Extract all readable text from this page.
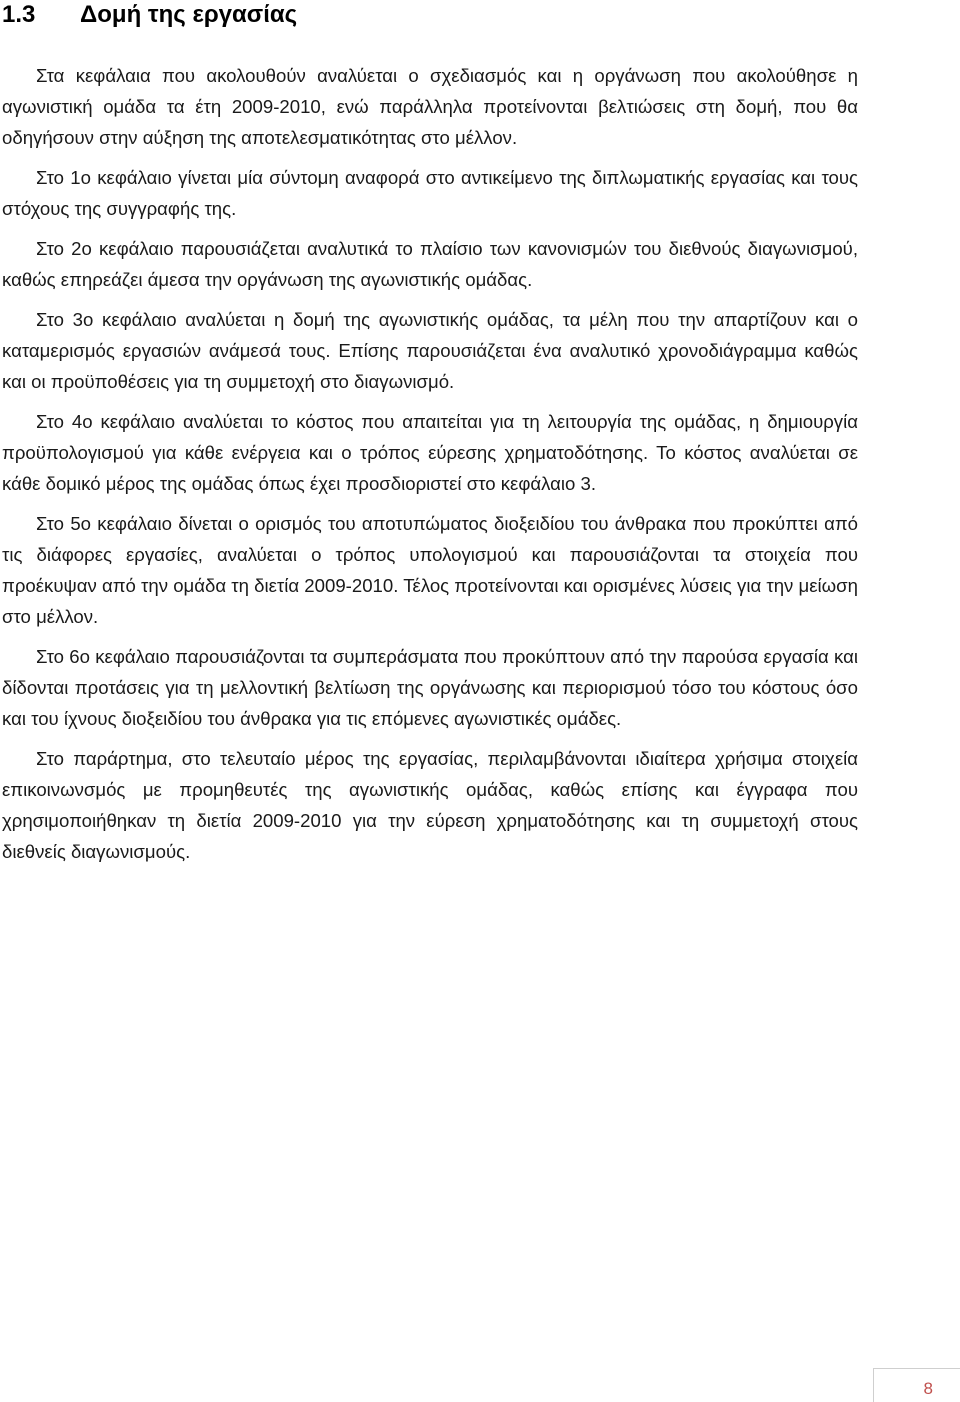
1.3 Δομή της εργασίας

Στα κεφάλαια που ακολουθούν αναλύεται ο σχεδιασμός και η οργάνωση που ακολούθησε η αγωνιστική ομάδα τα έτη 2009-2010, ενώ παράλληλα προτείνονται βελτιώσεις στη δομή, που θα οδηγήσουν στην αύξηση της αποτελεσματικότητας στο μέλλον.

Στο 1ο κεφάλαιο γίνεται μία σύντομη αναφορά στο αντικείμενο της διπλωματικής εργασίας και τους στόχους της συγγραφής της.

Στο 2ο κεφάλαιο παρουσιάζεται αναλυτικά το πλαίσιο των κανονισμών του διεθνούς διαγωνισμού, καθώς επηρεάζει άμεσα την οργάνωση της αγωνιστικής ομάδας.

Στο 3ο κεφάλαιο αναλύεται η δομή της αγωνιστικής ομάδας, τα μέλη που την απαρτίζουν και ο καταμερισμός εργασιών ανάμεσά τους. Επίσης παρουσιάζεται ένα αναλυτικό χρονοδιάγραμμα καθώς και οι προϋποθέσεις για τη συμμετοχή στο διαγωνισμό.

Στο 4ο κεφάλαιο αναλύεται το κόστος που απαιτείται για τη λειτουργία της ομάδας, η δημιουργία προϋπολογισμού για κάθε ενέργεια και ο τρόπος εύρεσης χρηματοδότησης. Το κόστος αναλύεται σε κάθε δομικό μέρος της ομάδας όπως έχει προσδιοριστεί στο κεφάλαιο 3.

Στο 5ο κεφάλαιο δίνεται ο ορισμός του αποτυπώματος διοξειδίου του άνθρακα που προκύπτει από τις διάφορες εργασίες, αναλύεται ο τρόπος υπολογισμού και παρουσιάζονται τα στοιχεία που προέκυψαν από την ομάδα τη διετία 2009-2010. Τέλος προτείνονται και ορισμένες λύσεις για την μείωση στο μέλλον.

Στο 6ο κεφάλαιο παρουσιάζονται τα συμπεράσματα που προκύπτουν από την παρούσα εργασία και δίδονται προτάσεις για τη μελλοντική βελτίωση της οργάνωσης και περιορισμού τόσο του κόστους όσο και του ίχνους διοξειδίου του άνθρακα για τις επόμενες αγωνιστικές ομάδες.

Στο παράρτημα, στο τελευταίο μέρος της εργασίας, περιλαμβάνονται ιδιαίτερα χρήσιμα στοιχεία επικοινωνσμός με προμηθευτές της αγωνιστικής ομάδας, καθώς επίσης και έγγραφα που χρησιμοποιήθηκαν τη διετία 2009-2010 για την εύρεση χρηματοδότησης και τη συμμετοχή στους διεθνείς διαγωνισμούς.

8
